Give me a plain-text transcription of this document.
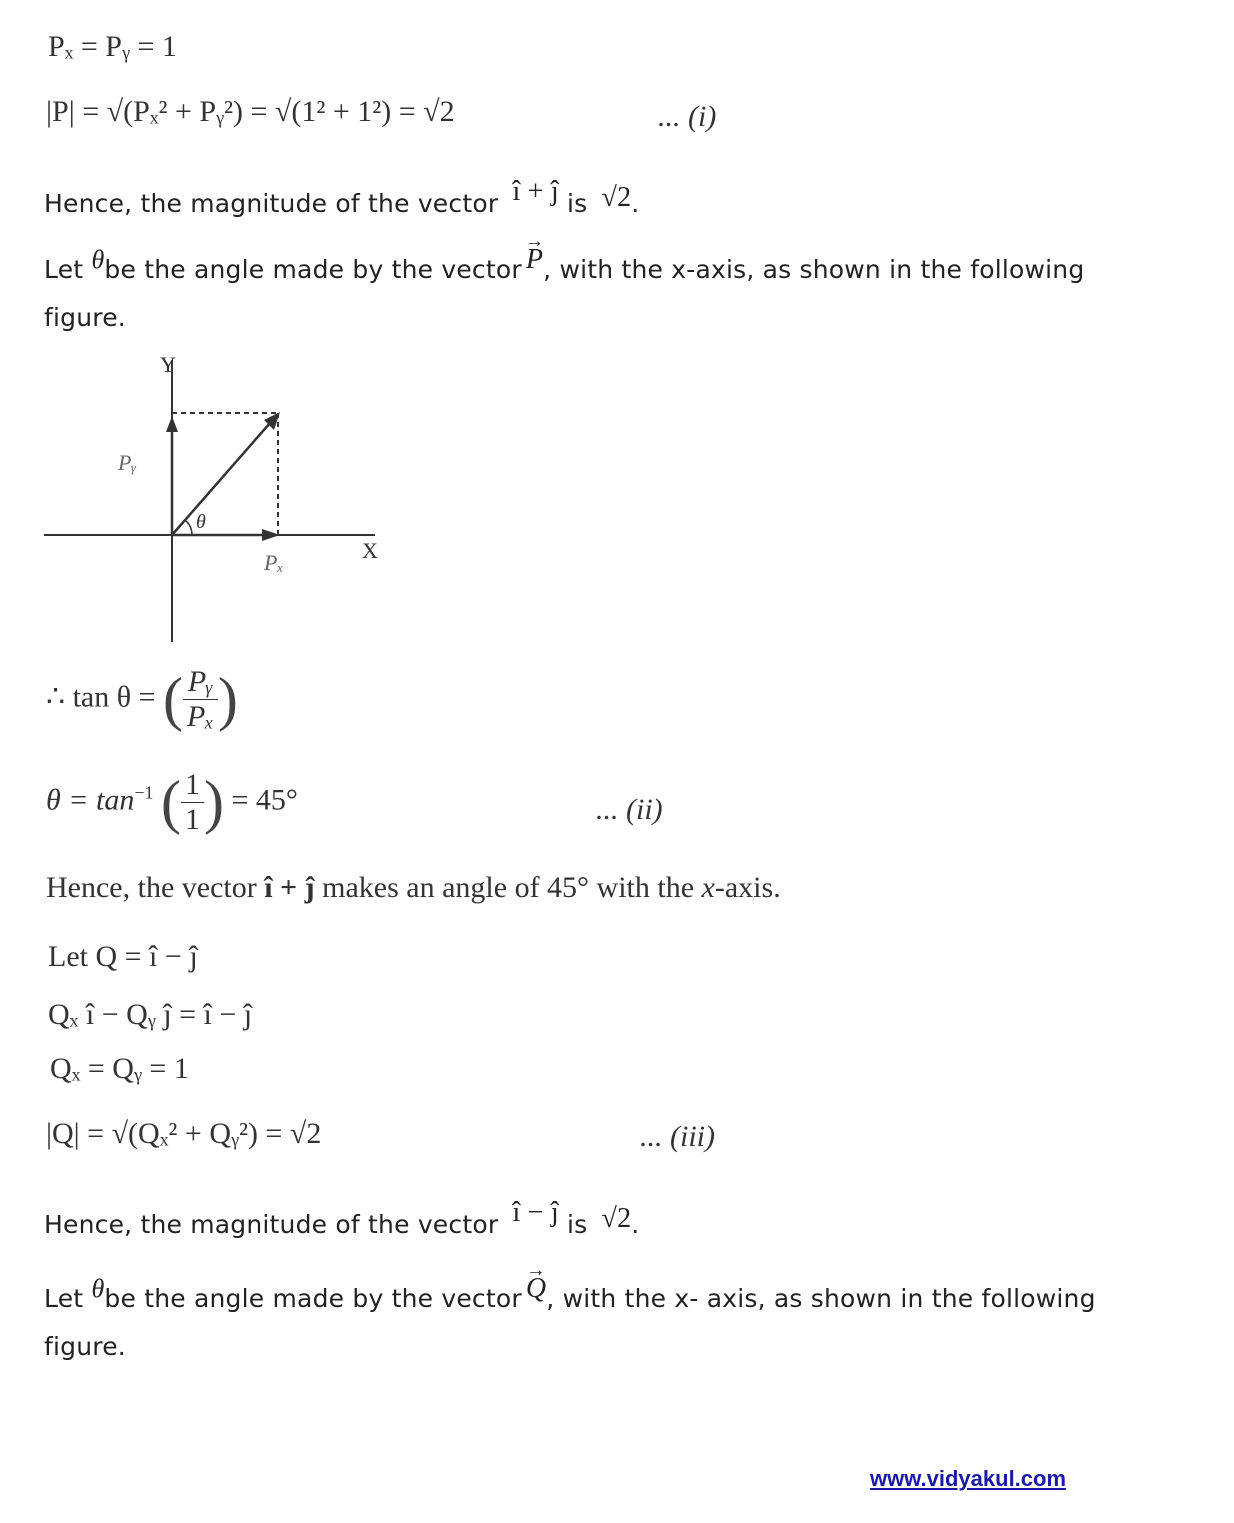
Pₓ = Pᵧ = 1
|P| = √(Pₓ² + Pᵧ²) = √(1² + 1²) = √2	... (i)
Hence, the magnitude of the vector î + ĵ is √2.
Let θbe the angle made by the vector → P, with the x-axis, as shown in the following
figure.
Y
X
Pᵧ
Pₓ
θ
∴ tan θ = ( $\frac{\text{Pᵧ}}{\text{Pₓ}}$ )
$\theta = \tan^{-1}$ ( $\frac{1}{1}$ ) = 45°	... (ii)
Hence, the vector î + ĵ makes an angle of 45° with the x-axis.
Let Q = î − ĵ
Qₓ î − Qᵧ ĵ = î − ĵ
Qₓ = Qᵧ = 1
|Q| = √(Qₓ² + Qᵧ²) = √2	... (iii)
Hence, the magnitude of the vector î − ĵ is √2.
Let θbe the angle made by the vector → Q, with the x- axis, as shown in the following
figure.
www.vidyakul.com
